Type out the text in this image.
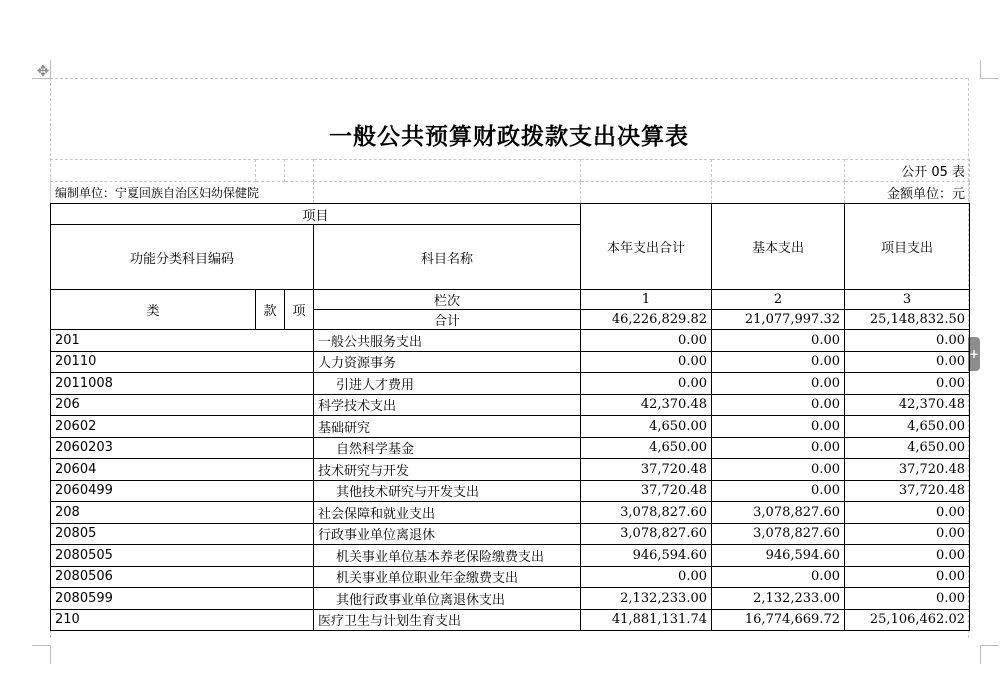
✥
+
一般公共预算财政拨款支出决算表
						公开 05 表
编制单位：宁夏回族自治区妇幼保健院						金额单位：元
项目				本年支出合计	基本支出	项目支出
功能分类科目编码			科目名称			
类	款	项	栏次	1	2	3
			合计	46,226,829.82	21,077,997.32	25,148,832.50
201			一般公共服务支出	0.00	0.00	0.00
20110			人力资源事务	0.00	0.00	0.00
2011008			引进人才费用	0.00	0.00	0.00
206			科学技术支出	42,370.48	0.00	42,370.48
20602			基础研究	4,650.00	0.00	4,650.00
2060203			自然科学基金	4,650.00	0.00	4,650.00
20604			技术研究与开发	37,720.48	0.00	37,720.48
2060499			其他技术研究与开发支出	37,720.48	0.00	37,720.48
208			社会保障和就业支出	3,078,827.60	3,078,827.60	0.00
20805			行政事业单位离退休	3,078,827.60	3,078,827.60	0.00
2080505			机关事业单位基本养老保险缴费支出	946,594.60	946,594.60	0.00
2080506			机关事业单位职业年金缴费支出	0.00	0.00	0.00
2080599			其他行政事业单位离退休支出	2,132,233.00	2,132,233.00	0.00
210			医疗卫生与计划生育支出	41,881,131.74	16,774,669.72	25,106,462.02
